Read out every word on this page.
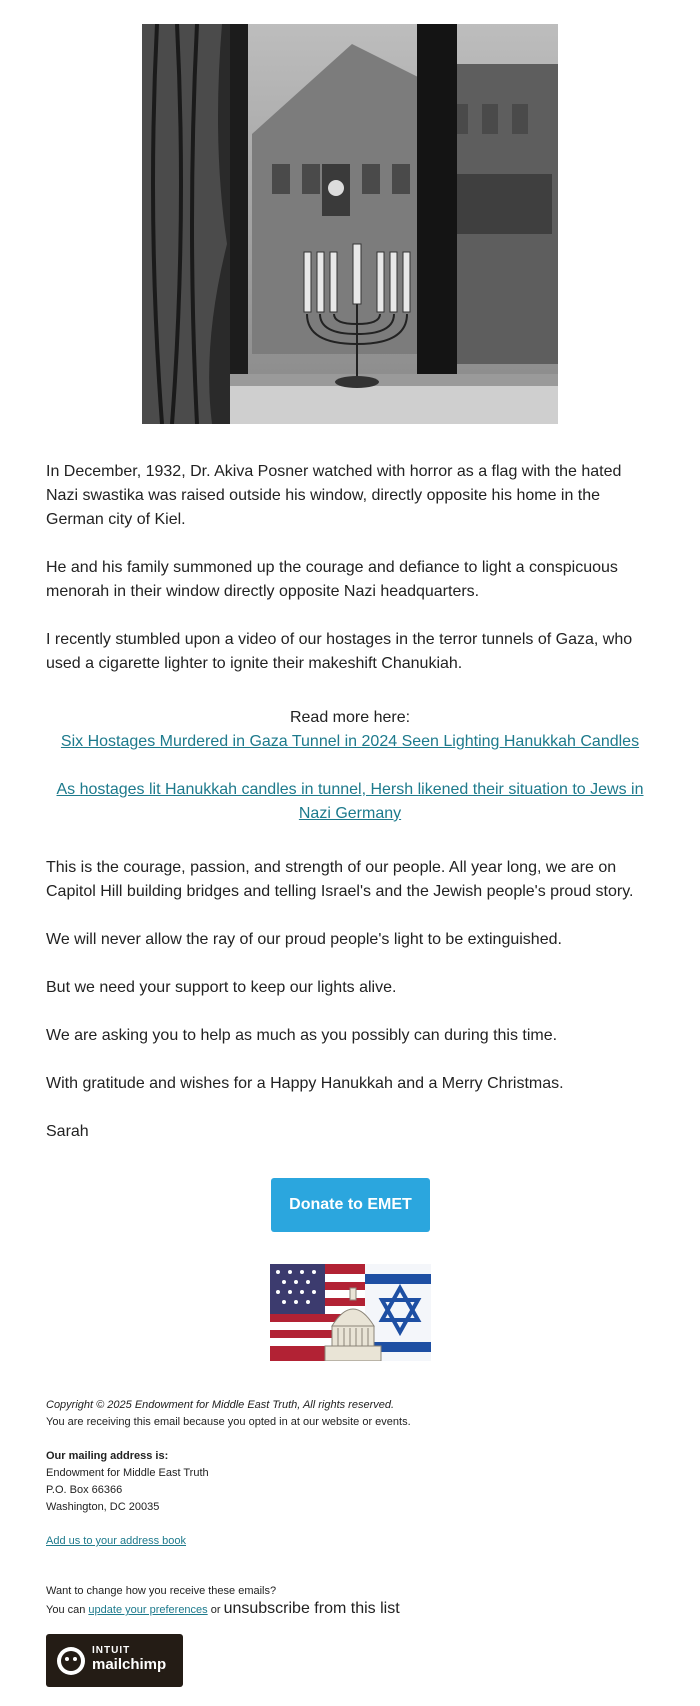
In December, 1932, Dr. Akiva Posner watched with horror as a flag with the hated Nazi swastika was raised outside his window, directly opposite his home in the German city of Kiel.

He and his family summoned up the courage and defiance to light a conspicuous menorah in their window directly opposite Nazi headquarters.

I recently stumbled upon a video of our hostages in the terror tunnels of Gaza, who used a cigarette lighter to ignite their makeshift Chanukiah.

Read more here:

Six Hostages Murdered in Gaza Tunnel in 2024 Seen Lighting Hanukkah Candles

As hostages lit Hanukkah candles in tunnel, Hersh likened their situation to Jews in Nazi Germany

This is the courage, passion, and strength of our people. All year long, we are on Capitol Hill building bridges and telling Israel's and the Jewish people's proud story.

We will never allow the ray of our proud people's light to be extinguished.

But we need your support to keep our lights alive.

We are asking you to help as much as you possibly can during this time.

With gratitude and wishes for a Happy Hanukkah and a Merry Christmas.

Sarah

Donate to EMET
Copyright © 2025 Endowment for Middle East Truth, All rights reserved.
You are receiving this email because you opted in at our website or events.
Our mailing address is:
Endowment for Middle East Truth
P.O. Box 66366
Washington, DC 20035
Add us to your address book
Want to change how you receive these emails?
You can update your preferences or unsubscribe from this list
INTUIT
mailchimp
